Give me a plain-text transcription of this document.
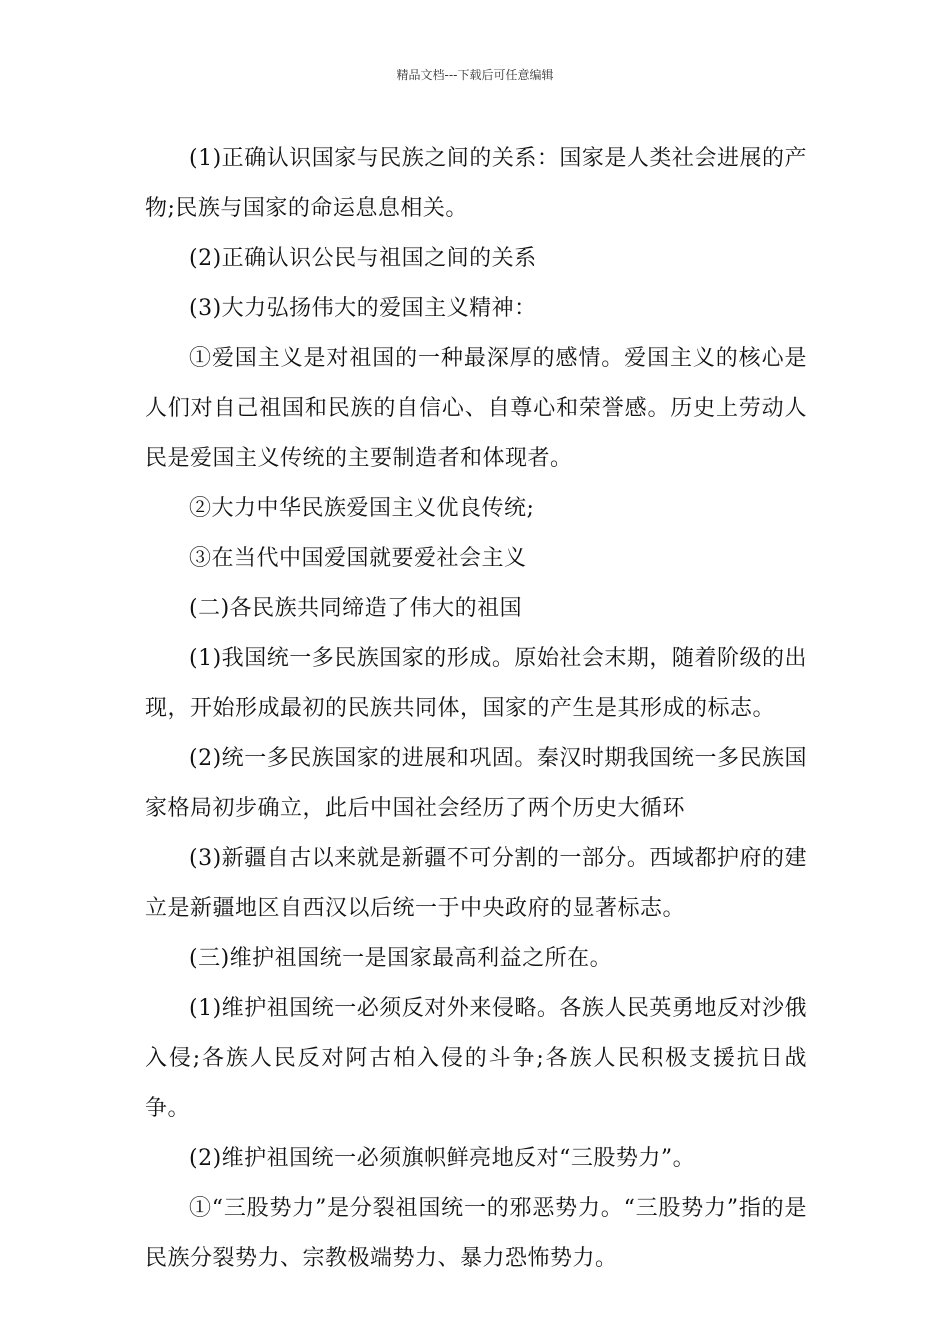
精品文档---下载后可任意编辑

(1)正确认识国家与民族之间的关系：国家是人类社会进展的产物;民族与国家的命运息息相关。

(2)正确认识公民与祖国之间的关系

(3)大力弘扬伟大的爱国主义精神：

①爱国主义是对祖国的一种最深厚的感情。爱国主义的核心是人们对自己祖国和民族的自信心、自尊心和荣誉感。历史上劳动人民是爱国主义传统的主要制造者和体现者。

②大力中华民族爱国主义优良传统;

③在当代中国爱国就要爱社会主义

(二)各民族共同缔造了伟大的祖国

(1)我国统一多民族国家的形成。原始社会末期，随着阶级的出现，开始形成最初的民族共同体，国家的产生是其形成的标志。

(2)统一多民族国家的进展和巩固。秦汉时期我国统一多民族国家格局初步确立，此后中国社会经历了两个历史大循环

(3)新疆自古以来就是新疆不可分割的一部分。西域都护府的建立是新疆地区自西汉以后统一于中央政府的显著标志。

(三)维护祖国统一是国家最高利益之所在。

(1)维护祖国统一必须反对外来侵略。各族人民英勇地反对沙俄入侵;各族人民反对阿古柏入侵的斗争;各族人民积极支援抗日战争。

(2)维护祖国统一必须旗帜鲜亮地反对“三股势力”。

①“三股势力”是分裂祖国统一的邪恶势力。“三股势力”指的是民族分裂势力、宗教极端势力、暴力恐怖势力。
